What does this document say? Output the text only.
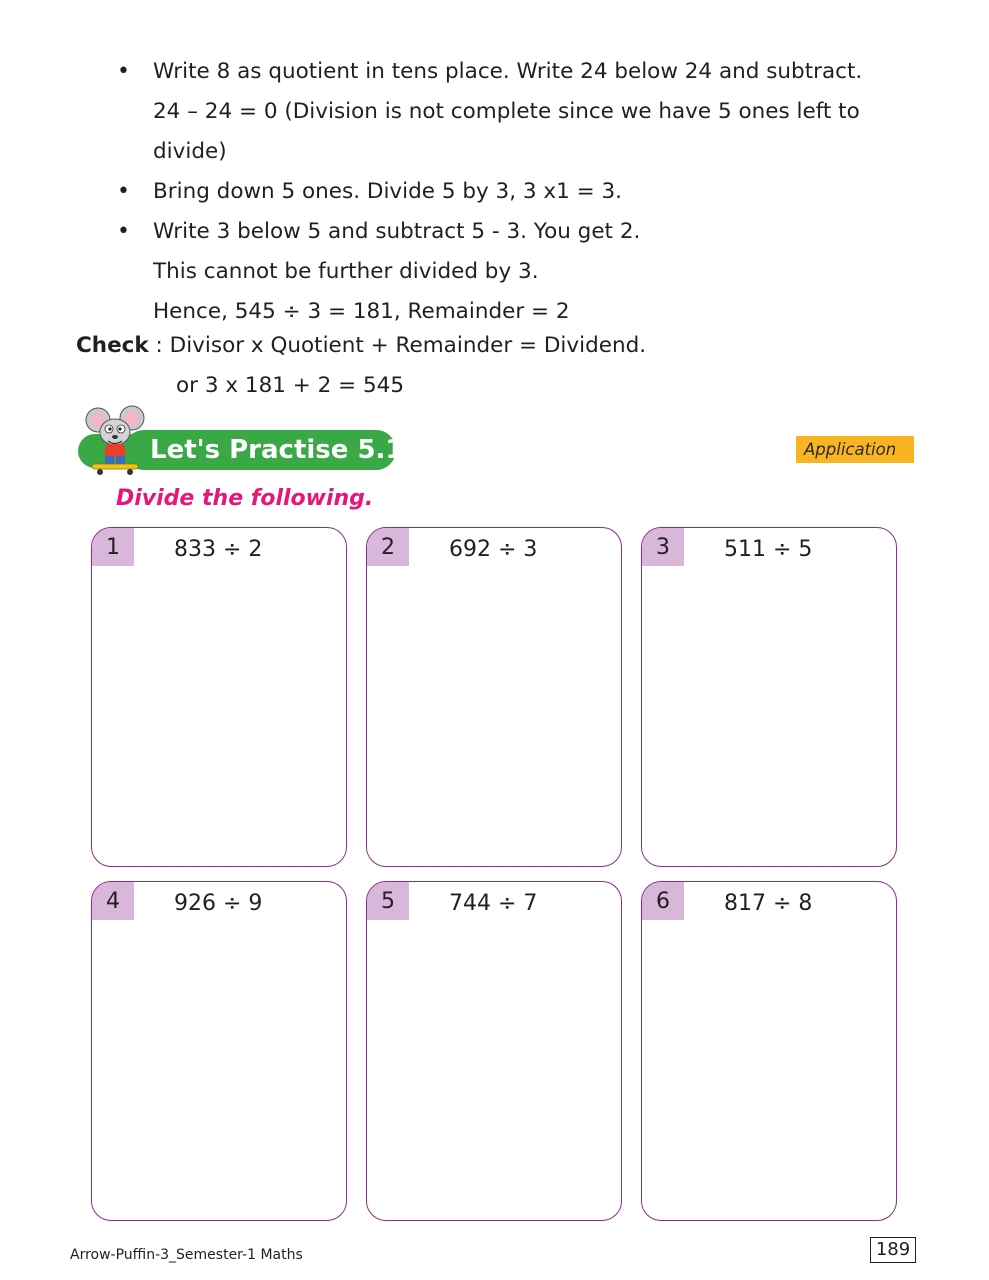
• Write 8 as quotient in tens place. Write 24 below 24 and subtract.
24 – 24 = 0 (Division is not complete since we have 5 ones left to
divide)
• Bring down 5 ones. Divide 5 by 3, 3 x1 = 3.
• Write 3 below 5 and subtract 5 - 3. You get 2.
This cannot be further divided by 3.
Hence, 545 ÷ 3 = 181, Remainder = 2
Check : Divisor x Quotient + Remainder = Dividend.
or 3 x 181 + 2 = 545
Let's Practise 5.14	Application
Divide the following.
1	833 ÷ 2	2	692 ÷ 3	3	511 ÷ 5
4	926 ÷ 9	5	744 ÷ 7	6	817 ÷ 8
Arrow-Puffin-3_Semester-1 Maths	189
